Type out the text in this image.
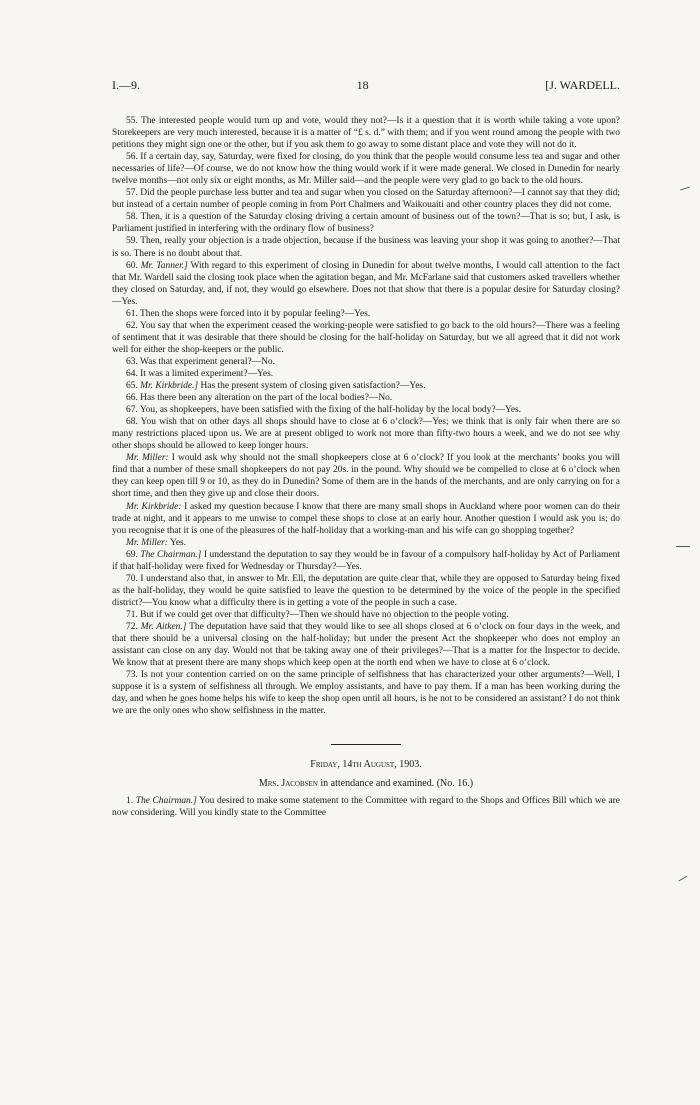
I.—9.	18	[J. WARDELL.

55. The interested people would turn up and vote, would they not?—Is it a question that it is worth while taking a vote upon? Storekeepers are very much interested, because it is a matter of “£ s. d.” with them; and if you went round among the people with two petitions they might sign one or the other, but if you ask them to go away to some distant place and vote they will not do it.

56. If a certain day, say, Saturday, were fixed for closing, do you think that the people would consume less tea and sugar and other necessaries of life?—Of course, we do not know how the thing would work if it were made general. We closed in Dunedin for nearly twelve months—not only six or eight months, as Mr. Miller said—and the people were very glad to go back to the old hours.

57. Did the people purchase less butter and tea and sugar when you closed on the Saturday afternoon?—I cannot say that they did; but instead of a certain number of people coming in from Port Chalmers and Waikouaiti and other country places they did not come.

58. Then, it is a question of the Saturday closing driving a certain amount of business out of the town?—That is so; but, I ask, is Parliament justified in interfering with the ordinary flow of business?

59. Then, really your objection is a trade objection, because if the business was leaving your shop it was going to another?—That is so. There is no doubt about that.

60. Mr. Tanner.] With regard to this experiment of closing in Dunedin for about twelve months, I would call attention to the fact that Mr. Wardell said the closing took place when the agitation began, and Mr. McFarlane said that customers asked travellers whether they closed on Saturday, and, if not, they would go elsewhere. Does not that show that there is a popular desire for Saturday closing?—Yes.

61. Then the shops were forced into it by popular feeling?—Yes.

62. You say that when the experiment ceased the working-people were satisfied to go back to the old hours?—There was a feeling of sentiment that it was desirable that there should be closing for the half-holiday on Saturday, but we all agreed that it did not work well for either the shop-keepers or the public.

63. Was that experiment general?—No.

64. It was a limited experiment?—Yes.

65. Mr. Kirkbride.] Has the present system of closing given satisfaction?—Yes.

66. Has there been any alteration on the part of the local bodies?—No.

67. You, as shopkeepers, have been satisfied with the fixing of the half-holiday by the local body?—Yes.

68. You wish that on other days all shops should have to close at 6 o’clock?—Yes; we think that is only fair when there are so many restrictions placed upon us. We are at present obliged to work not more than fifty-two hours a week, and we do not see why other shops should be allowed to keep longer hours.

Mr. Miller: I would ask why should not the small shopkeepers close at 6 o’clock? If you look at the merchants’ books you will find that a number of these small shopkeepers do not pay 20s. in the pound. Why should we be compelled to close at 6 o’clock when they can keep open till 9 or 10, as they do in Dunedin? Some of them are in the hands of the merchants, and are only carrying on for a short time, and then they give up and close their doors.

Mr. Kirkbride: I asked my question because I know that there are many small shops in Auckland where poor women can do their trade at night, and it appears to me unwise to compel these shops to close at an early hour. Another question I would ask you is; do you recognise that it is one of the pleasures of the half-holiday that a working-man and his wife can go shopping together?

Mr. Miller: Yes.

69. The Chairman.] I understand the deputation to say they would be in favour of a compulsory half-holiday by Act of Parliament if that half-holiday were fixed for Wednesday or Thursday?—Yes.

70. I understand also that, in answer to Mr. Ell, the deputation are quite clear that, while they are opposed to Saturday being fixed as the half-holiday, they would be quite satisfied to leave the question to be determined by the voice of the people in the specified district?—You know what a difficulty there is in getting a vote of the people in such a case.

71. But if we could get over that difficulty?—Then we should have no objection to the people voting.

72. Mr. Aitken.] The deputation have said that they would like to see all shops closed at 6 o’clock on four days in the week, and that there should be a universal closing on the half-holiday; but under the present Act the shopkeeper who does not employ an assistant can close on any day. Would not that be taking away one of their privileges?—That is a matter for the Inspector to decide. We know that at present there are many shops which keep open at the north end when we have to close at 6 o’clock.

73. Is not your contention carried on on the same principle of selfishness that has characterized your other arguments?—Well, I suppose it is a system of selfishness all through. We employ assistants, and have to pay them. If a man has been working during the day, and when he goes home helps his wife to keep the shop open until all hours, is he not to be considered an assistant? I do not think we are the only ones who show selfishness in the matter.

Friday, 14th August, 1903.
Mrs. Jacobsen in attendance and examined. (No. 16.)

1. The Chairman.] You desired to make some statement to the Committee with regard to the Shops and Offices Bill which we are now considering. Will you kindly state to the Committee
